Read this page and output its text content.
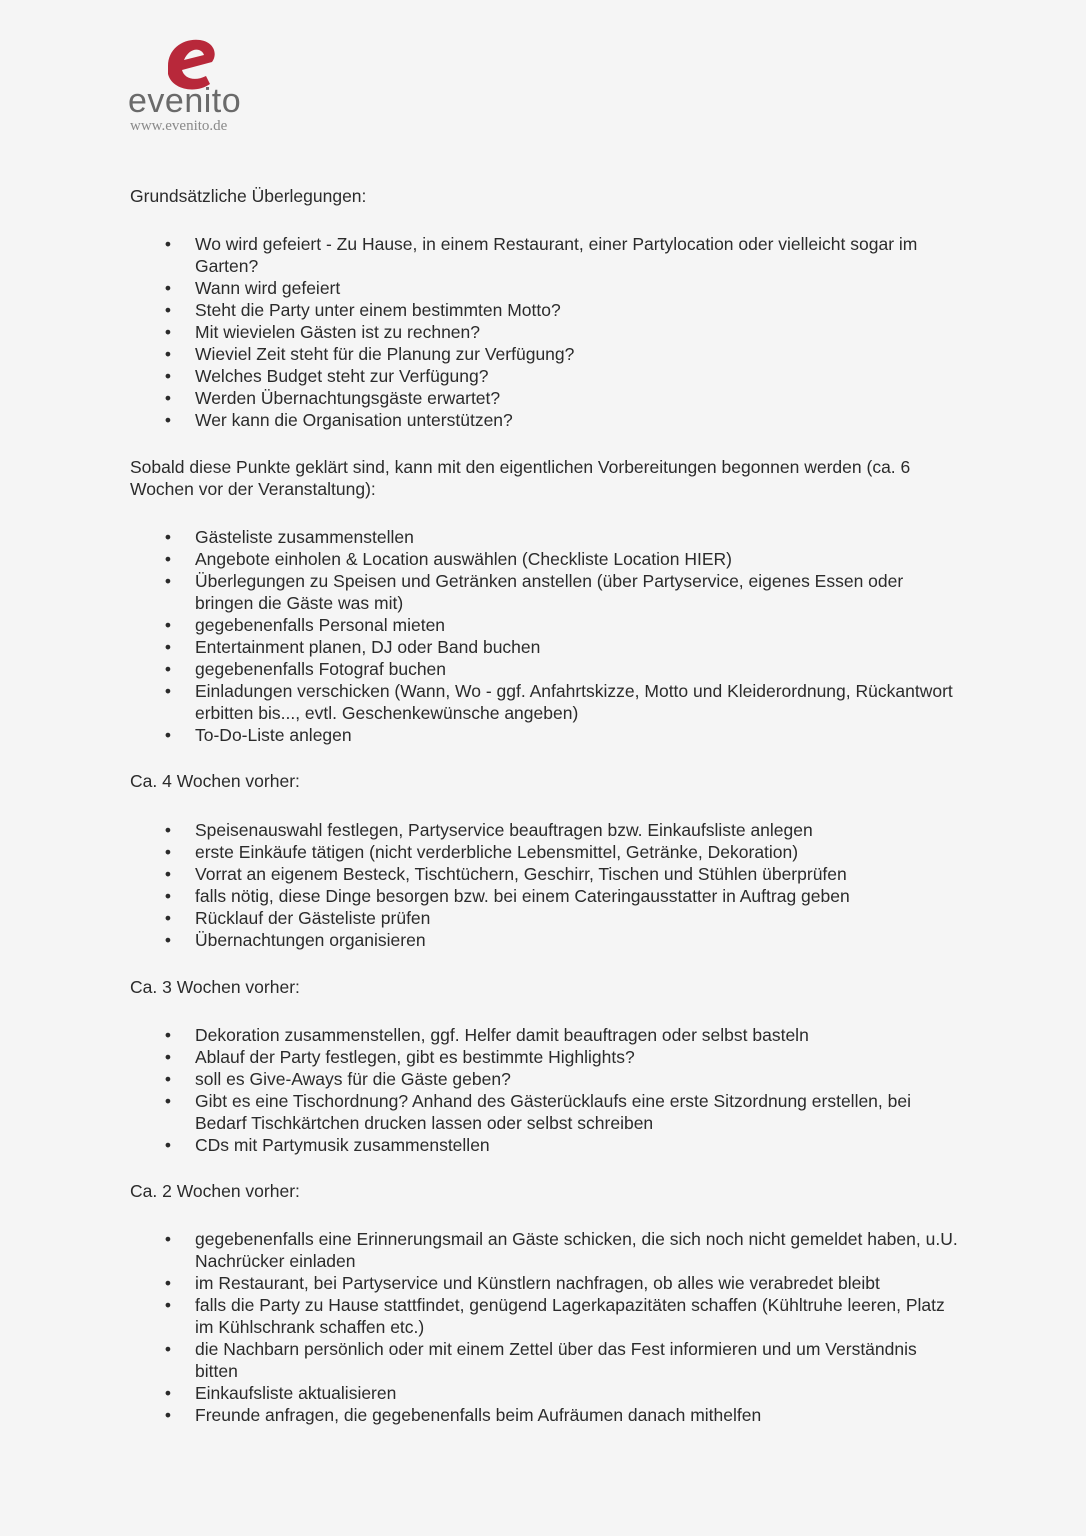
evenito
www.evenito.de

Grundsätzliche Überlegungen:

• Wo wird gefeiert - Zu Hause, in einem Restaurant, einer Partylocation oder vielleicht sogar im Garten?
• Wann wird gefeiert
• Steht die Party unter einem bestimmten Motto?
• Mit wievielen Gästen ist zu rechnen?
• Wieviel Zeit steht für die Planung zur Verfügung?
• Welches Budget steht zur Verfügung?
• Werden Übernachtungsgäste erwartet?
• Wer kann die Organisation unterstützen?

Sobald diese Punkte geklärt sind, kann mit den eigentlichen Vorbereitungen begonnen werden (ca. 6 Wochen vor der Veranstaltung):

• Gästeliste zusammenstellen
• Angebote einholen & Location auswählen (Checkliste Location HIER)
• Überlegungen zu Speisen und Getränken anstellen (über Partyservice, eigenes Essen oder bringen die Gäste was mit)
• gegebenenfalls Personal mieten
• Entertainment planen, DJ oder Band buchen
• gegebenenfalls Fotograf buchen
• Einladungen verschicken (Wann, Wo - ggf. Anfahrtskizze, Motto und Kleiderordnung, Rückantwort erbitten bis..., evtl. Geschenkewünsche angeben)
• To-Do-Liste anlegen

Ca. 4 Wochen vorher:

• Speisenauswahl festlegen, Partyservice beauftragen bzw. Einkaufsliste anlegen
• erste Einkäufe tätigen (nicht verderbliche Lebensmittel, Getränke, Dekoration)
• Vorrat an eigenem Besteck, Tischtüchern, Geschirr, Tischen und Stühlen überprüfen
• falls nötig, diese Dinge besorgen bzw. bei einem Cateringausstatter in Auftrag geben
• Rücklauf der Gästeliste prüfen
• Übernachtungen organisieren

Ca. 3 Wochen vorher:

• Dekoration zusammenstellen, ggf. Helfer damit beauftragen oder selbst basteln
• Ablauf der Party festlegen, gibt es bestimmte Highlights?
• soll es Give-Aways für die Gäste geben?
• Gibt es eine Tischordnung? Anhand des Gästerücklaufs eine erste Sitzordnung erstellen, bei Bedarf Tischkärtchen drucken lassen oder selbst schreiben
• CDs mit Partymusik zusammenstellen

Ca. 2 Wochen vorher:

• gegebenenfalls eine Erinnerungsmail an Gäste schicken, die sich noch nicht gemeldet haben, u.U. Nachrücker einladen
• im Restaurant, bei Partyservice und Künstlern nachfragen, ob alles wie verabredet bleibt
• falls die Party zu Hause stattfindet, genügend Lagerkapazitäten schaffen (Kühltruhe leeren, Platz im Kühlschrank schaffen etc.)
• die Nachbarn persönlich oder mit einem Zettel über das Fest informieren und um Verständnis bitten
• Einkaufsliste aktualisieren
• Freunde anfragen, die gegebenenfalls beim Aufräumen danach mithelfen
